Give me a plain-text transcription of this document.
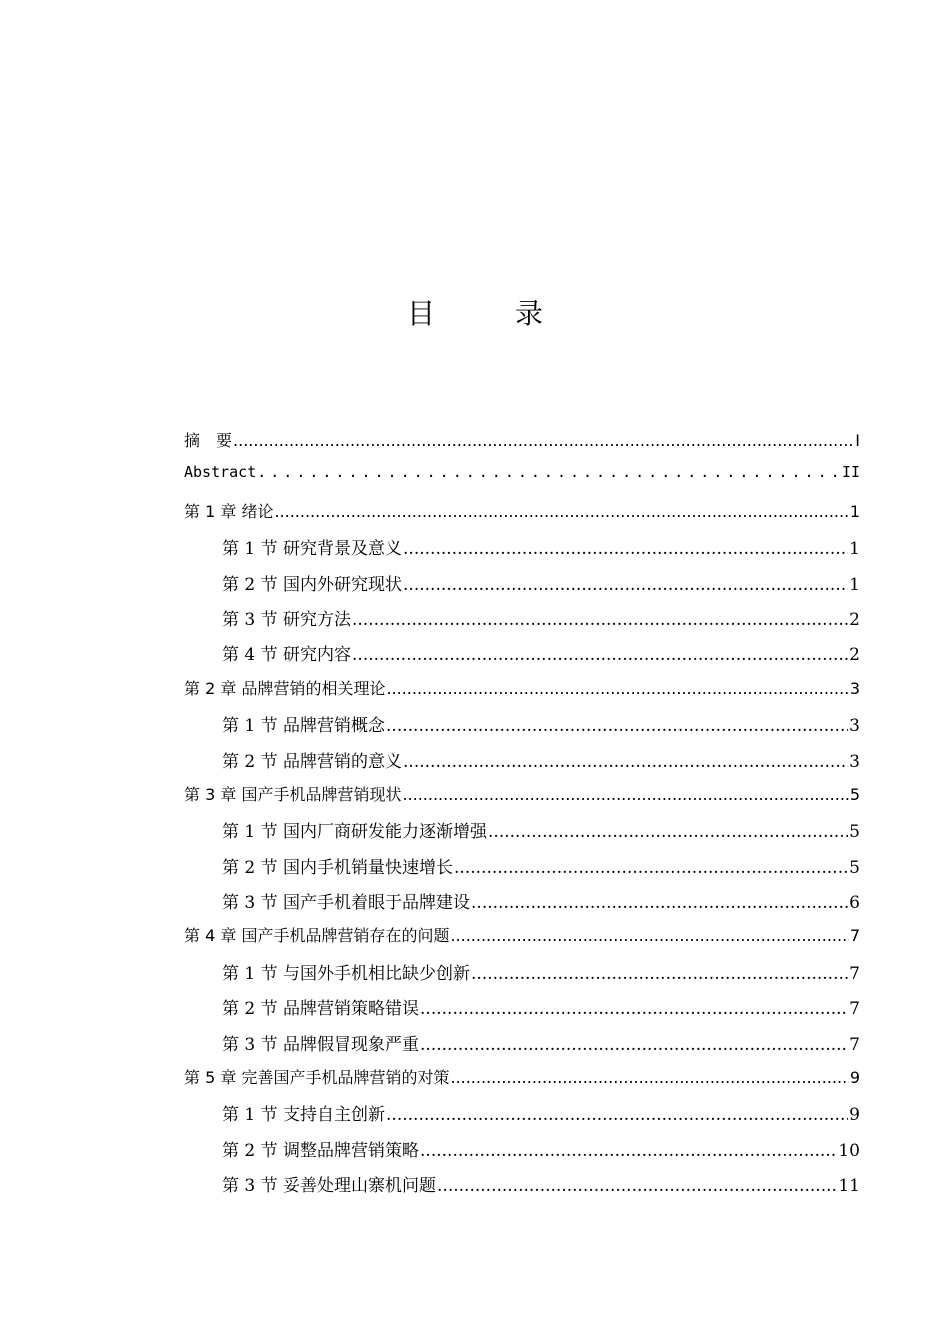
目　录
摘　要 .....	I
Abstract .....	II
第 1 章 绪论 .....	1
第 1 节 研究背景及意义 .....	1
第 2 节 国内外研究现状 .....	1
第 3 节 研究方法 .....	2
第 4 节 研究内容 .....	2
第 2 章 品牌营销的相关理论 .....	3
第 1 节 品牌营销概念 .....	3
第 2 节 品牌营销的意义 .....	3
第 3 章 国产手机品牌营销现状 .....	5
第 1 节 国内厂商研发能力逐渐增强 .....	5
第 2 节 国内手机销量快速增长 .....	5
第 3 节 国产手机着眼于品牌建设 .....	6
第 4 章 国产手机品牌营销存在的问题 .....	7
第 1 节 与国外手机相比缺少创新 .....	7
第 2 节 品牌营销策略错误 .....	7
第 3 节 品牌假冒现象严重 .....	7
第 5 章 完善国产手机品牌营销的对策 .....	9
第 1 节 支持自主创新 .....	9
第 2 节 调整品牌营销策略 .....	10
第 3 节 妥善处理山寨机问题 .....	11
